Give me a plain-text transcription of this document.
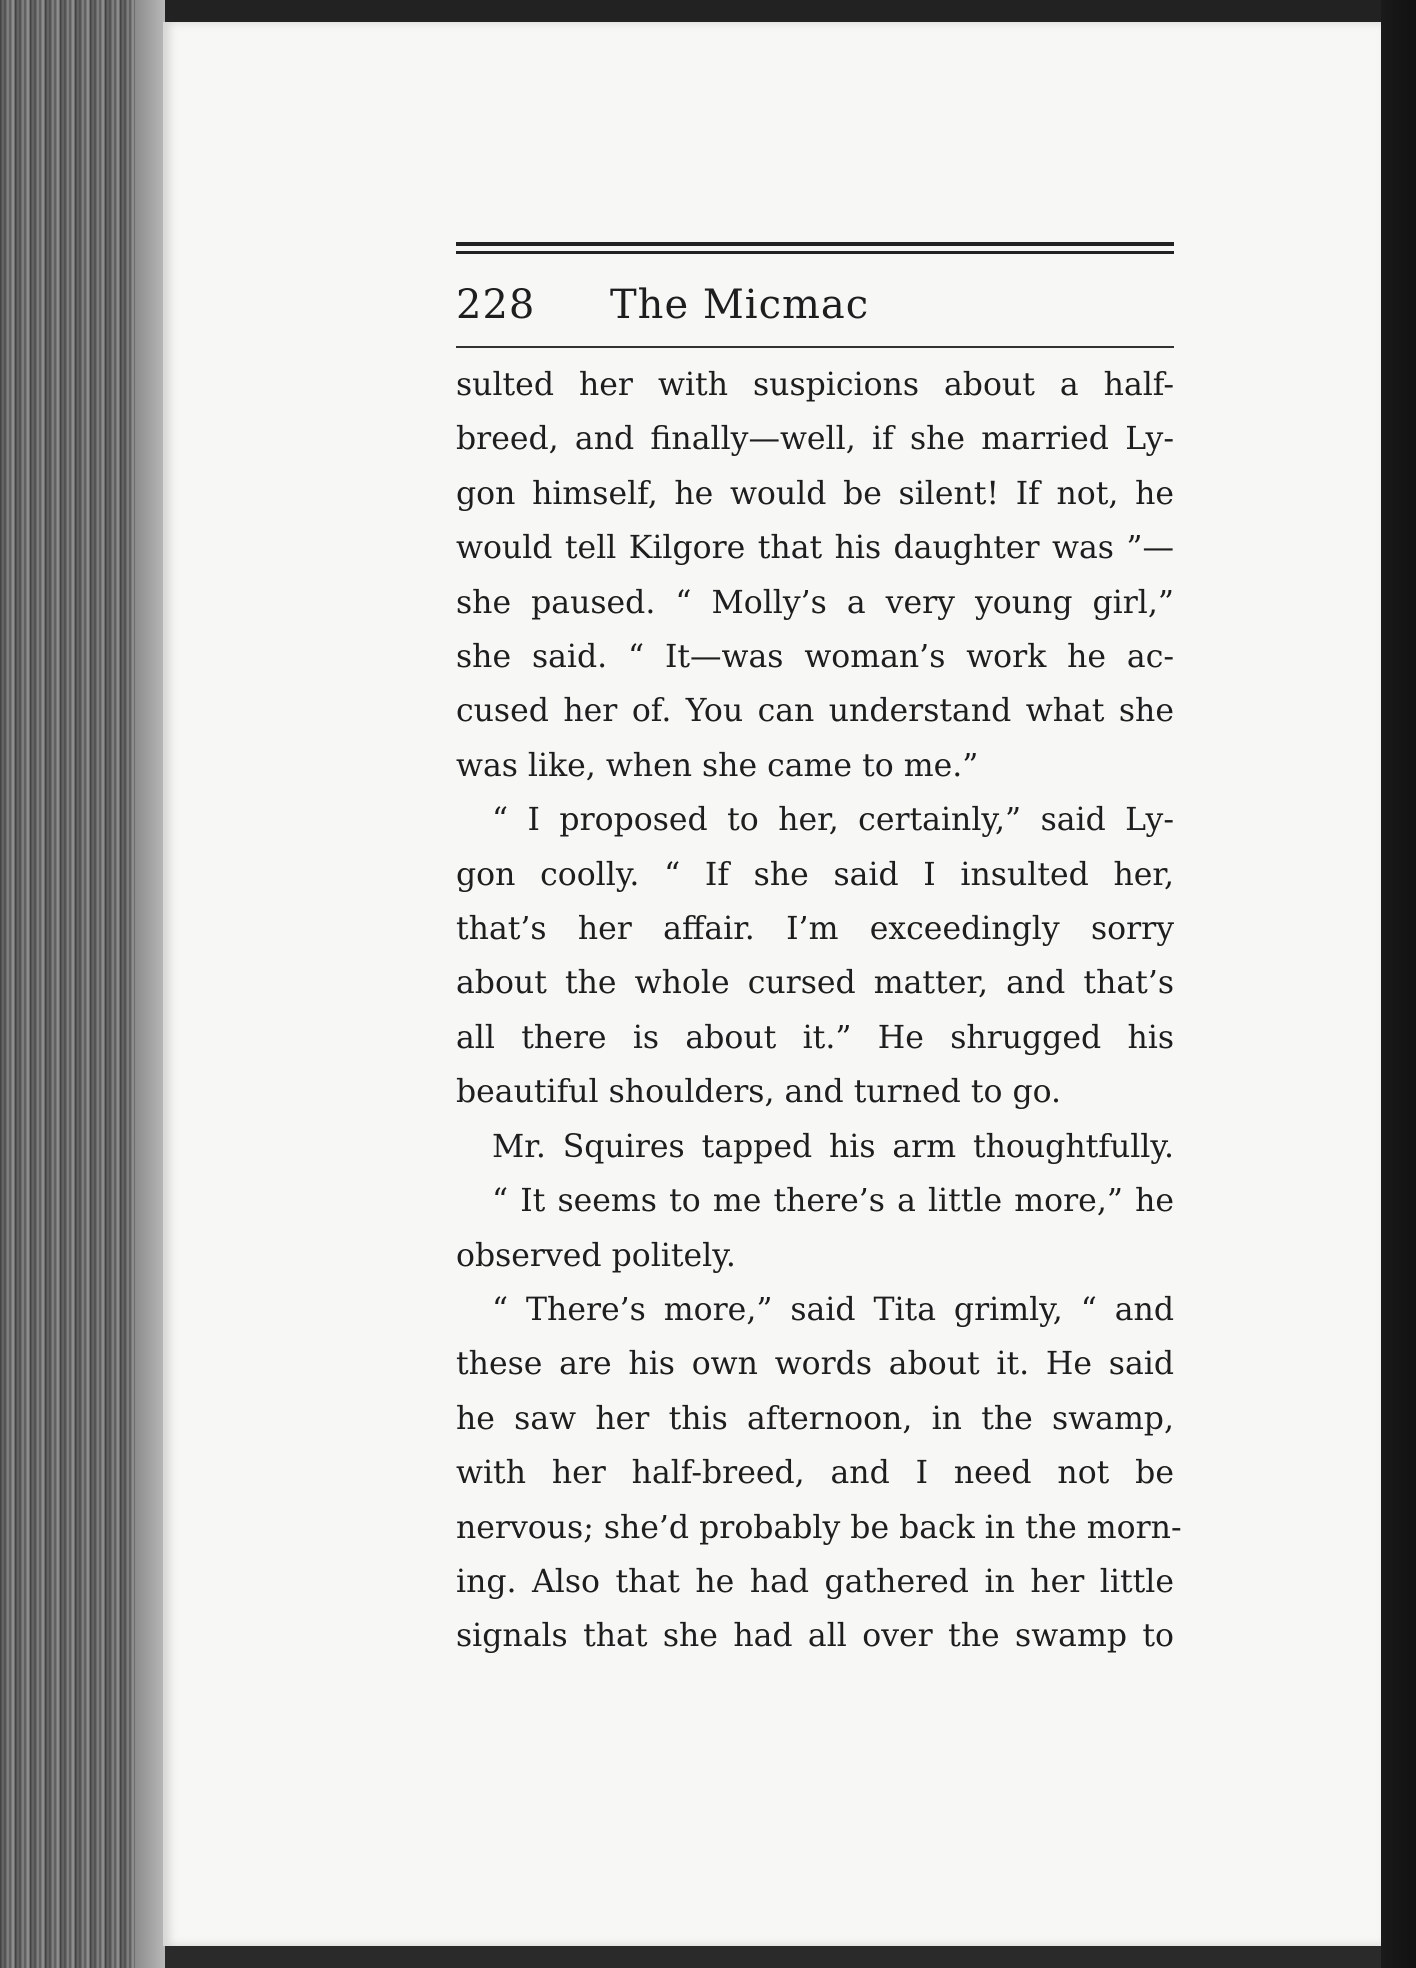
228	The Micmac
sulted her with suspicions about a half-
breed, and finally—well, if she married Ly-
gon himself, he would be silent! If not, he
would tell Kilgore that his daughter was ”—
she paused. “ Molly’s a very young girl,”
she said. “ It—was woman’s work he ac-
cused her of. You can understand what she
was like, when she came to me.”
“ I proposed to her, certainly,” said Ly-
gon coolly. “ If she said I insulted her,
that’s her affair. I’m exceedingly sorry
about the whole cursed matter, and that’s
all there is about it.” He shrugged his
beautiful shoulders, and turned to go.
Mr. Squires tapped his arm thoughtfully.
“ It seems to me there’s a little more,” he
observed politely.
“ There’s more,” said Tita grimly, “ and
these are his own words about it. He said
he saw her this afternoon, in the swamp,
with her half-breed, and I need not be
nervous; she’d probably be back in the morn-
ing. Also that he had gathered in her little
signals that she had all over the swamp to
